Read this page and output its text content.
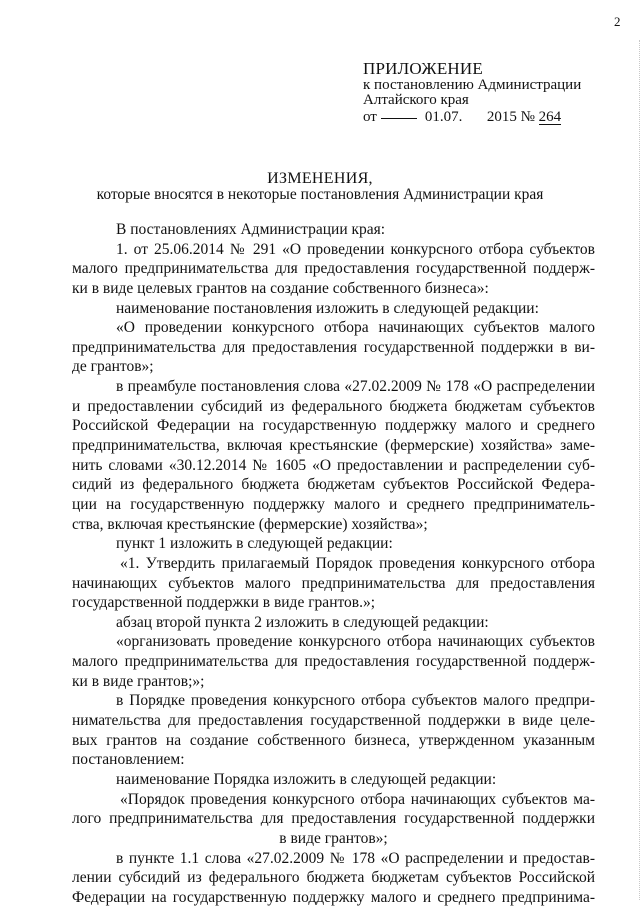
2
ПРИЛОЖЕНИЕ
к постановлению Администрации
Алтайского края
от	01.07. 2015 № 264
ИЗМЕНЕНИЯ,
которые вносятся в некоторые постановления Администрации края
В постановлениях Администрации края:
1. от 25.06.2014 № 291 «О проведении конкурсного отбора субъектов
малого предпринимательства для предоставления государственной поддерж-
ки в виде целевых грантов на создание собственного бизнеса»:
наименование постановления изложить в следующей редакции:
«О проведении конкурсного отбора начинающих субъектов малого
предпринимательства для предоставления государственной поддержки в ви-
де грантов»;
в преамбуле постановления слова «27.02.2009 № 178 «О распределении
и предоставлении субсидий из федерального бюджета бюджетам субъектов
Российской Федерации на государственную поддержку малого и среднего
предпринимательства, включая крестьянские (фермерские) хозяйства» заме-
нить словами «30.12.2014 № 1605 «О предоставлении и распределении суб-
сидий из федерального бюджета бюджетам субъектов Российской Федера-
ции на государственную поддержку малого и среднего предприниматель-
ства, включая крестьянские (фермерские) хозяйства»;
пункт 1 изложить в следующей редакции:
«1. Утвердить прилагаемый Порядок проведения конкурсного отбора
начинающих субъектов малого предпринимательства для предоставления
государственной поддержки в виде грантов.»;
абзац второй пункта 2 изложить в следующей редакции:
«организовать проведение конкурсного отбора начинающих субъектов
малого предпринимательства для предоставления государственной поддерж-
ки в виде грантов;»;
в Порядке проведения конкурсного отбора субъектов малого предпри-
нимательства для предоставления государственной поддержки в виде целе-
вых грантов на создание собственного бизнеса, утвержденном указанным
постановлением:
наименование Порядка изложить в следующей редакции:
«Порядок проведения конкурсного отбора начинающих субъектов ма-
лого предпринимательства для предоставления государственной поддержки
в виде грантов»;
в пункте 1.1 слова «27.02.2009 № 178 «О распределении и предостав-
лении субсидий из федерального бюджета бюджетам субъектов Российской
Федерации на государственную поддержку малого и среднего предпринима-
